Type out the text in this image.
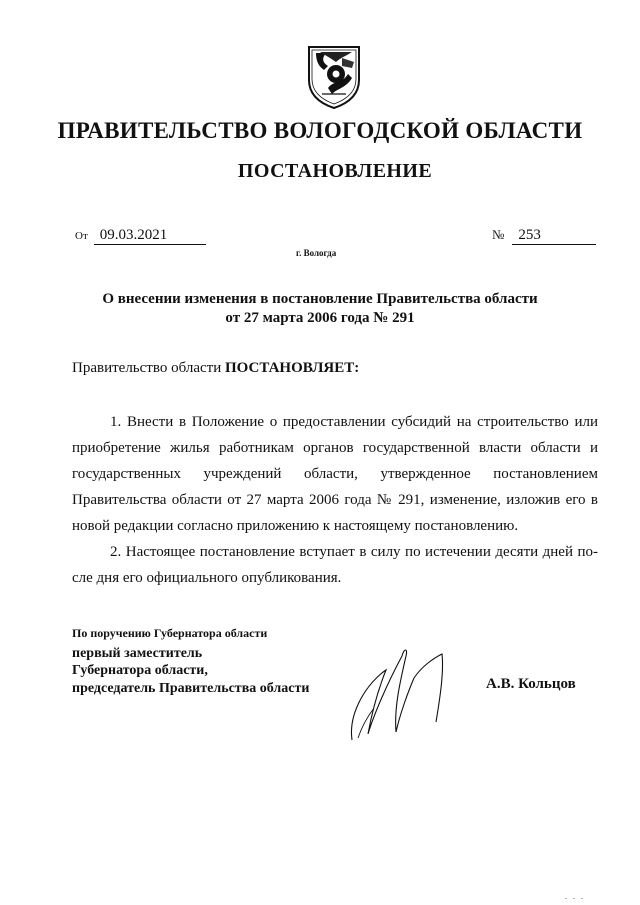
ПРАВИТЕЛЬСТВО ВОЛОГОДСКОЙ ОБЛАСТИ
ПОСТАНОВЛЕНИЕ
От 09.03.2021	№ 253
г. Вологда
О внесении изменения в постановление Правительства области
от 27 марта 2006 года № 291
Правительство области ПОСТАНОВЛЯЕТ:
1. Внести в Положение о предоставлении субсидий на строительство или
приобретение жилья работникам органов государственной власти области и
государственных учреждений области, утвержденное постановлением
Правительства области от 27 марта 2006 года № 291, изменение, изложив его в
новой редакции согласно приложению к настоящему постановлению.
2. Настоящее постановление вступает в силу по истечении десяти дней по-
сле дня его официального опубликования.
По поручению Губернатора области
первый заместитель
Губернатора области,
председатель Правительства области	А.В. Кольцов
. . .
